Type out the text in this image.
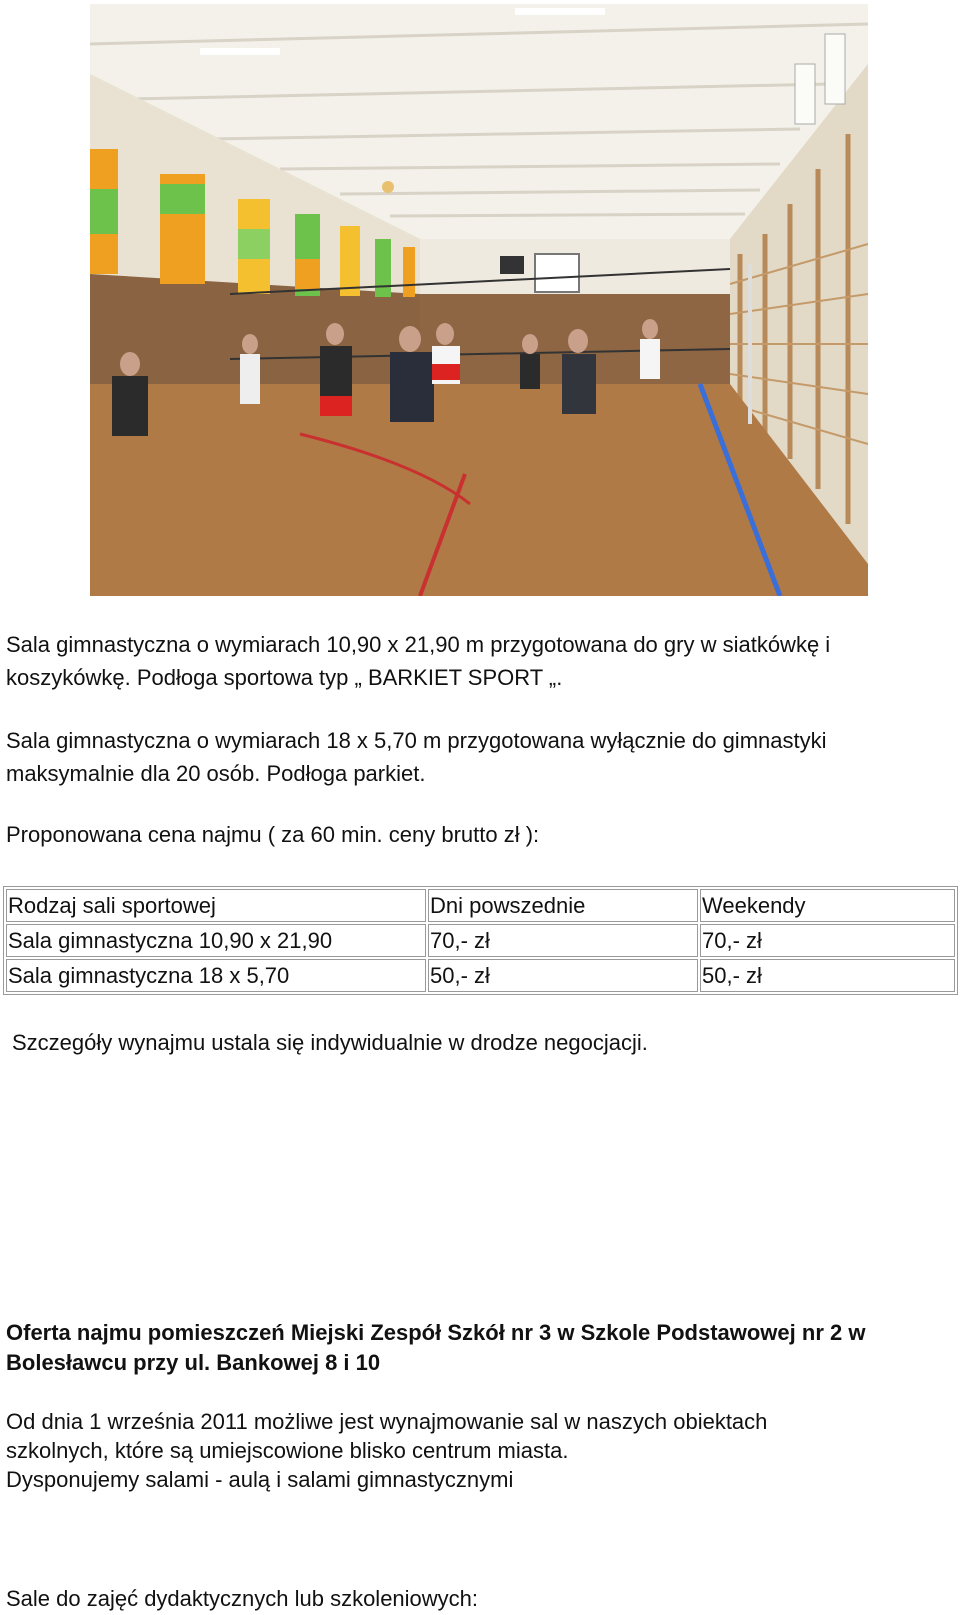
Sala gimnastyczna o wymiarach 10,90 x 21,90 m przygotowana do gry w siatkówkę i
koszykówkę. Podłoga sportowa typ „ BARKIET SPORT „.
Sala gimnastyczna o wymiarach 18 x 5,70 m przygotowana wyłącznie do gimnastyki
maksymalnie dla 20 osób. Podłoga parkiet.
Proponowana cena najmu ( za 60 min. ceny brutto zł ):
Rodzaj sali sportowej	Dni powszednie	Weekendy
Sala gimnastyczna 10,90 x 21,90	70,- zł	70,- zł
Sala gimnastyczna 18 x 5,70	50,- zł	50,- zł
Szczegóły wynajmu ustala się indywidualnie w drodze negocjacji.
Oferta najmu pomieszczeń Miejski Zespół Szkół nr 3 w Szkole Podstawowej nr 2 w Bolesławcu przy ul. Bankowej 8 i 10
Od dnia 1 września 2011 możliwe jest wynajmowanie sal w naszych obiektach
szkolnych, które są umiejscowione blisko centrum miasta.
Dysponujemy salami - aulą i salami gimnastycznymi
Sale do zajęć dydaktycznych lub szkoleniowych:
